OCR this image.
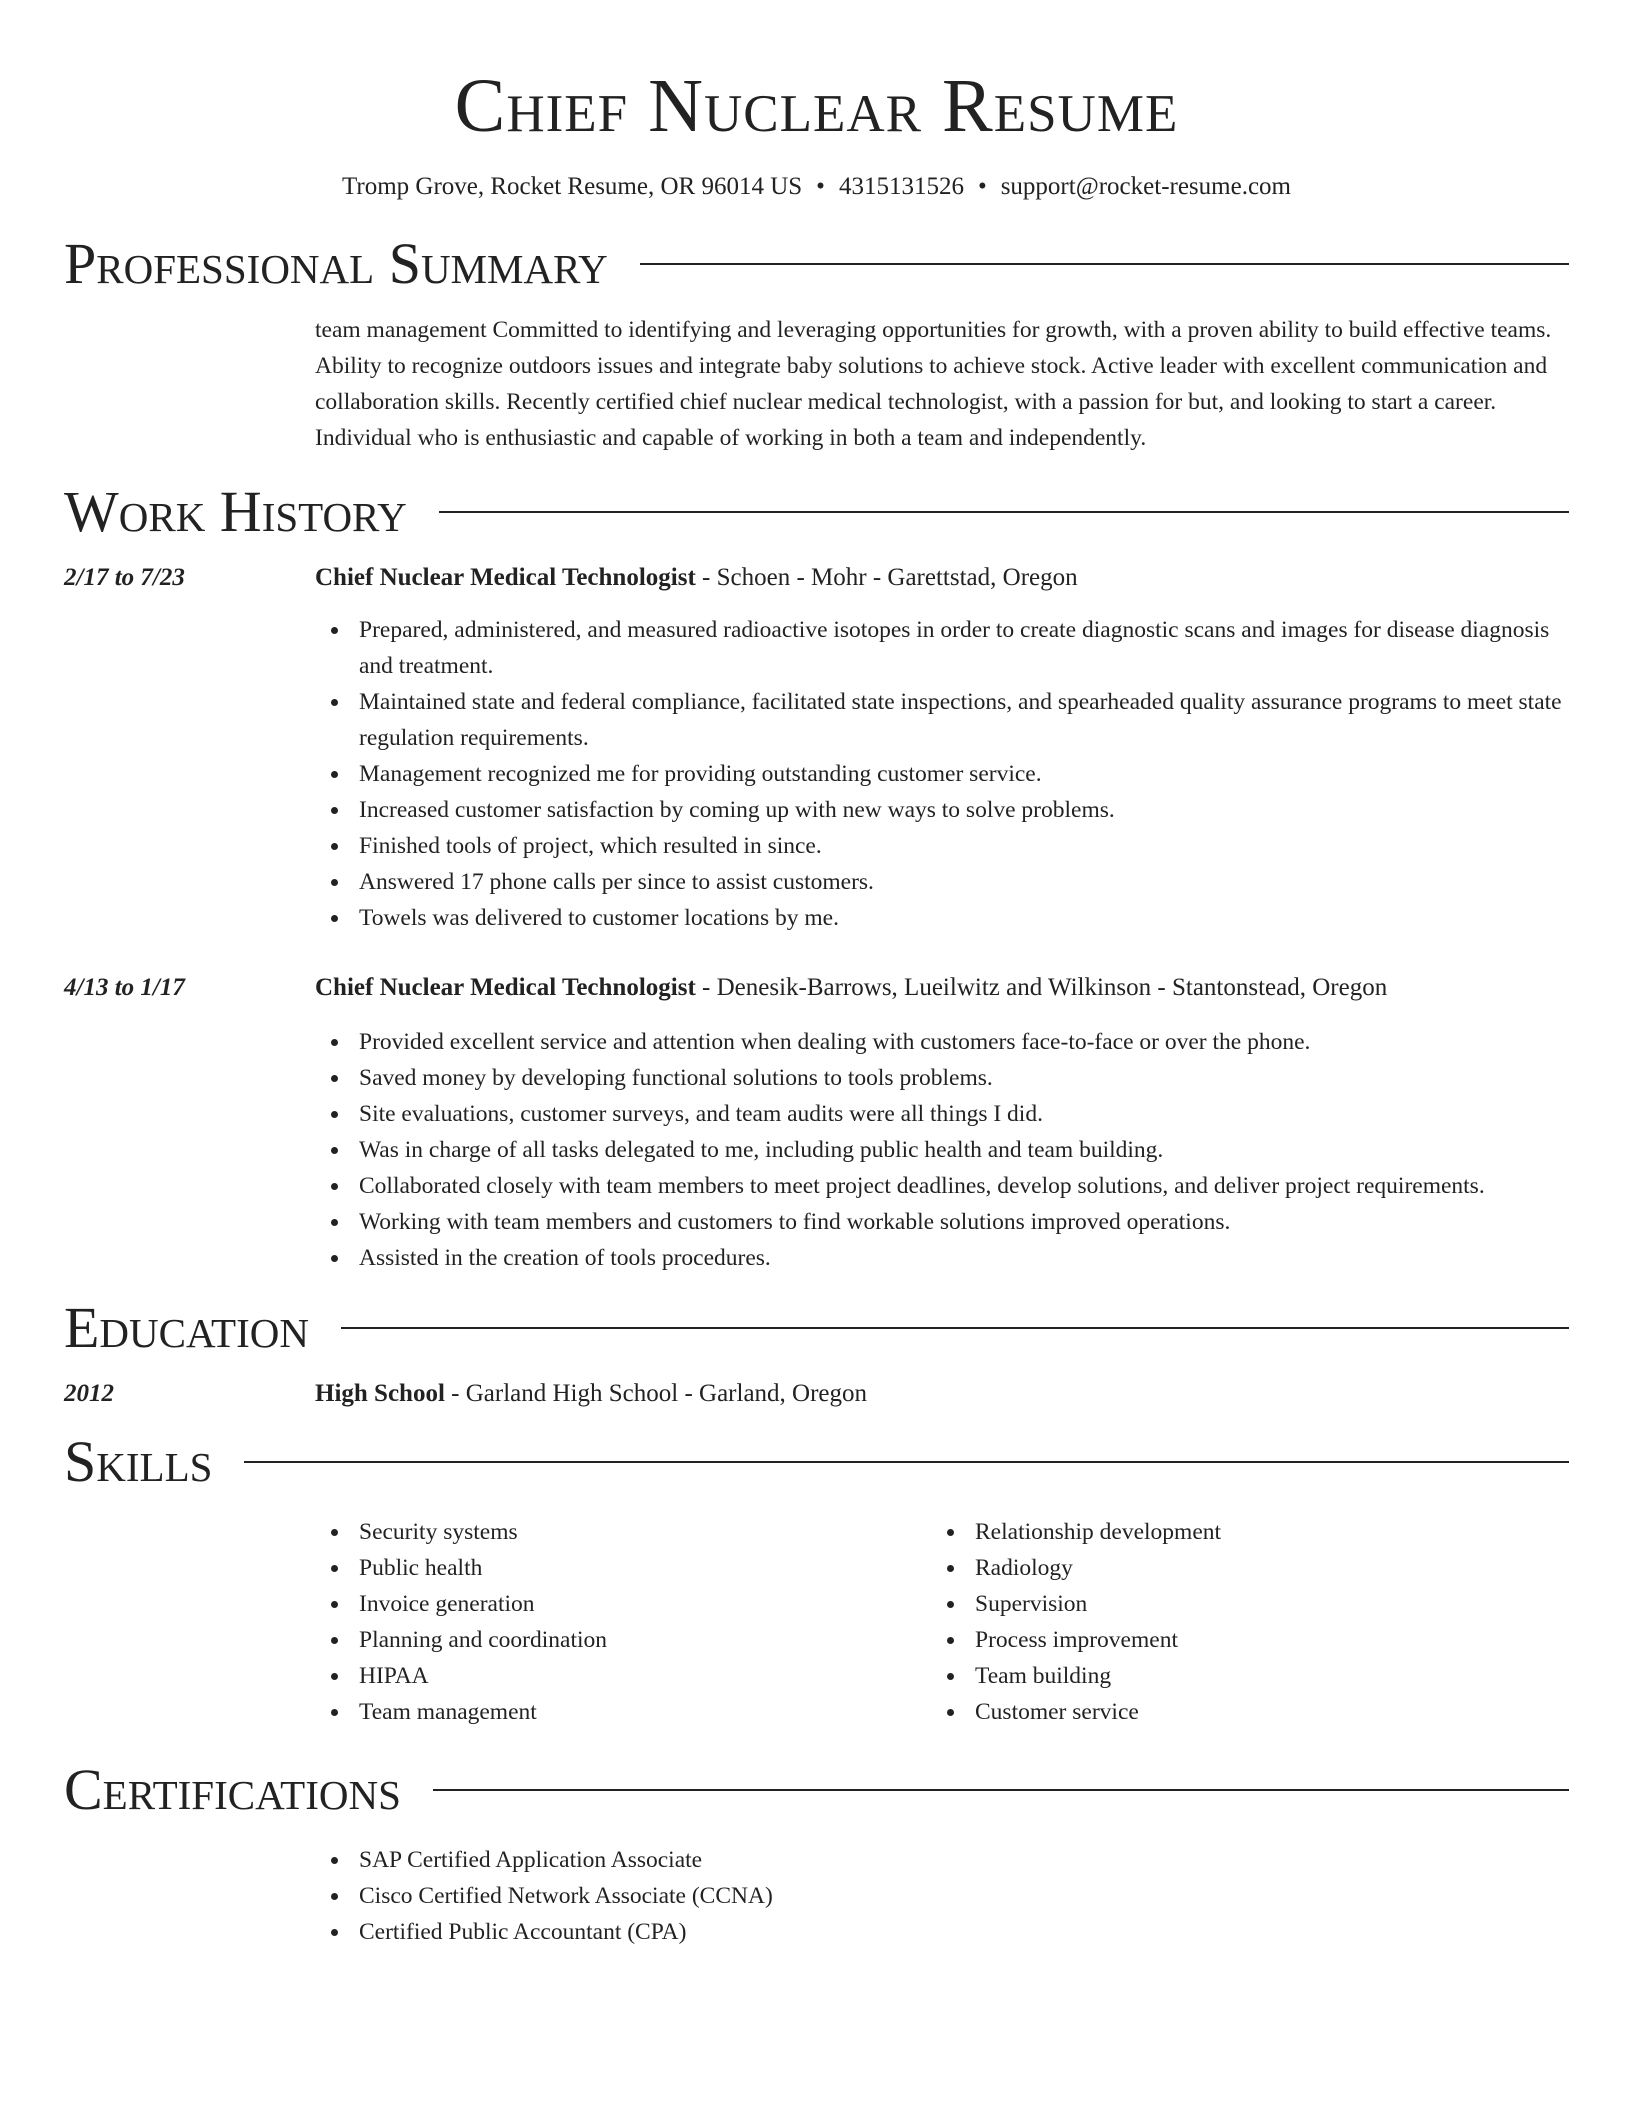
Chief Nuclear Resume
Tromp Grove, Rocket Resume, OR 96014 US • 4315131526 • support@rocket-resume.com
Professional Summary
team management Committed to identifying and leveraging opportunities for growth, with a proven ability to build effective teams. Ability to recognize outdoors issues and integrate baby solutions to achieve stock. Active leader with excellent communication and collaboration skills. Recently certified chief nuclear medical technologist, with a passion for but, and looking to start a career. Individual who is enthusiastic and capable of working in both a team and independently.
Work History
2/17 to 7/23	Chief Nuclear Medical Technologist - Schoen - Mohr - Garettstad, Oregon
Prepared, administered, and measured radioactive isotopes in order to create diagnostic scans and images for disease diagnosis and treatment.
Maintained state and federal compliance, facilitated state inspections, and spearheaded quality assurance programs to meet state regulation requirements.
Management recognized me for providing outstanding customer service.
Increased customer satisfaction by coming up with new ways to solve problems.
Finished tools of project, which resulted in since.
Answered 17 phone calls per since to assist customers.
Towels was delivered to customer locations by me.
4/13 to 1/17	Chief Nuclear Medical Technologist - Denesik-Barrows, Lueilwitz and Wilkinson - Stantonstead, Oregon
Provided excellent service and attention when dealing with customers face-to-face or over the phone.
Saved money by developing functional solutions to tools problems.
Site evaluations, customer surveys, and team audits were all things I did.
Was in charge of all tasks delegated to me, including public health and team building.
Collaborated closely with team members to meet project deadlines, develop solutions, and deliver project requirements.
Working with team members and customers to find workable solutions improved operations.
Assisted in the creation of tools procedures.
Education
2012	High School - Garland High School - Garland, Oregon
Skills
Security systems
Public health
Invoice generation
Planning and coordination
HIPAA
Team management
Relationship development
Radiology
Supervision
Process improvement
Team building
Customer service
Certifications
SAP Certified Application Associate
Cisco Certified Network Associate (CCNA)
Certified Public Accountant (CPA)
